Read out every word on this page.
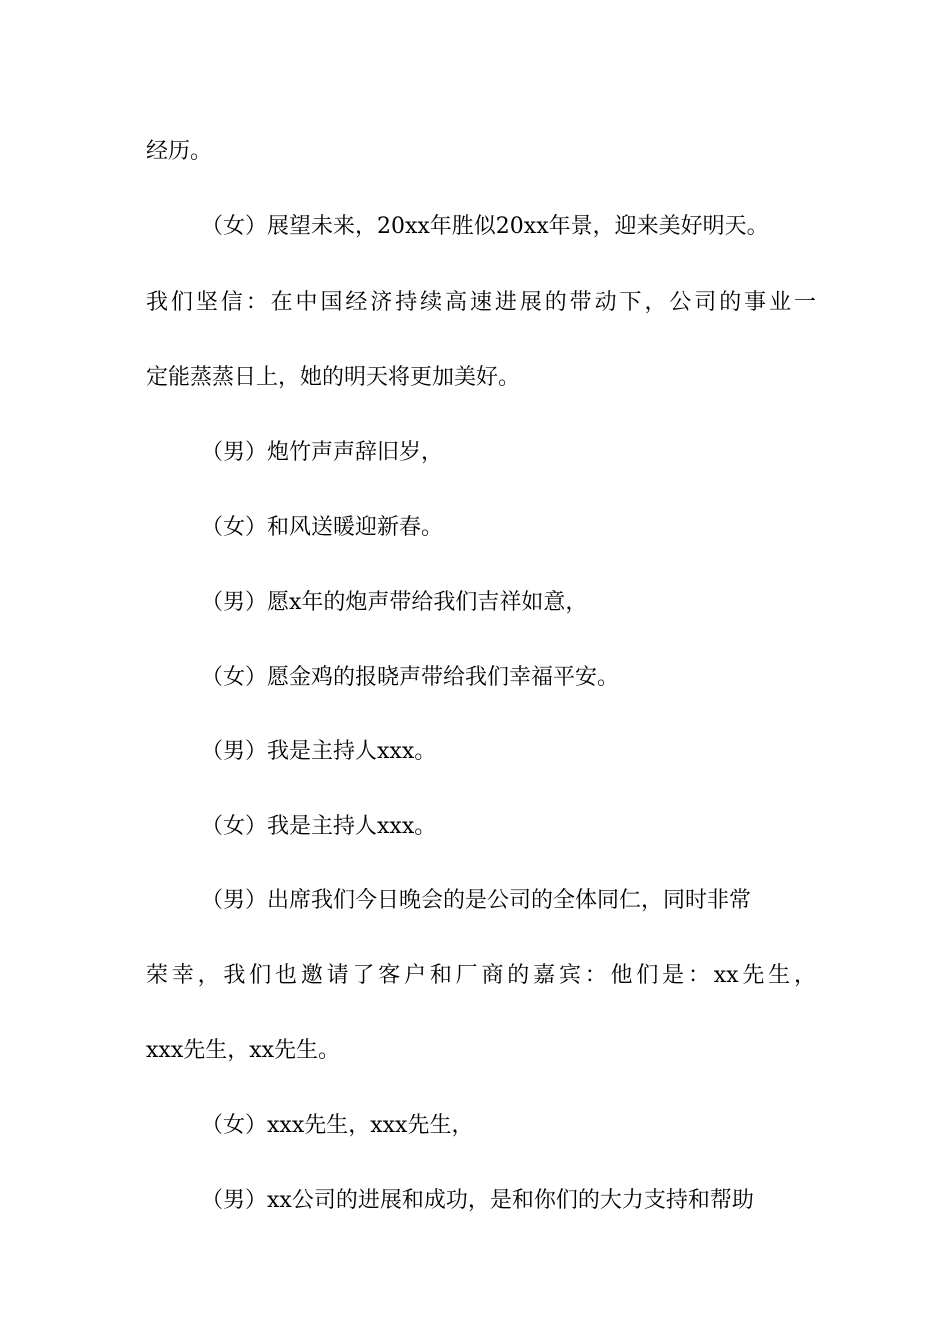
经历。
（女）展望未来，20xx年胜似20xx年景，迎来美好明天。
我们坚信：在中国经济持续高速进展的带动下，公司的事业一
定能蒸蒸日上，她的明天将更加美好。
（男）炮竹声声辞旧岁，
（女）和风送暖迎新春。
（男）愿x年的炮声带给我们吉祥如意，
（女）愿金鸡的报晓声带给我们幸福平安。
（男）我是主持人xxx。
（女）我是主持人xxx。
（男）出席我们今日晚会的是公司的全体同仁，同时非常
荣幸，我们也邀请了客户和厂商的嘉宾：他们是：xx先生，
xxx先生，xx先生。
（女）xxx先生，xxx先生，
（男）xx公司的进展和成功，是和你们的大力支持和帮助
